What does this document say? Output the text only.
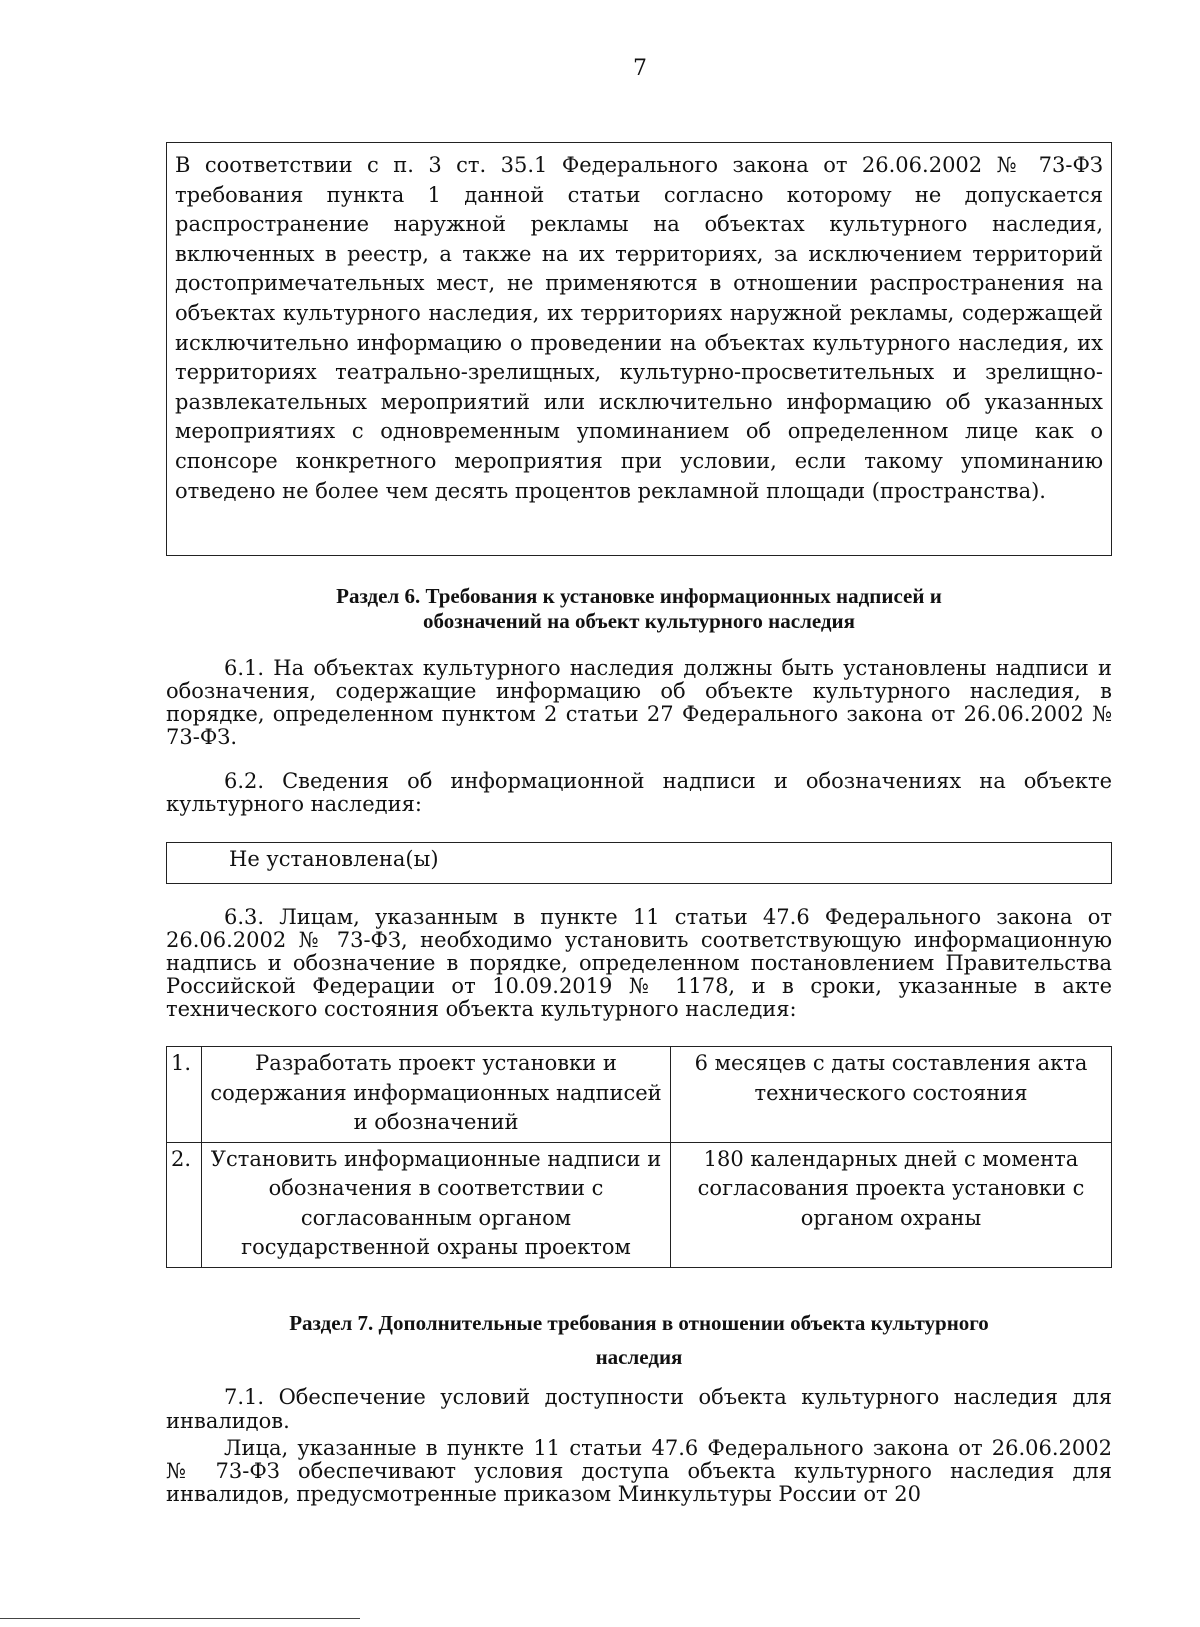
7

В соответствии с п. 3 ст. 35.1 Федерального закона от 26.06.2002 № 73-ФЗ требования пункта 1 данной статьи согласно которому не допускается распространение наружной рекламы на объектах культурного наследия, включенных в реестр, а также на их территориях, за исключением территорий достопримечательных мест, не применяются в отношении распространения на объектах культурного наследия, их территориях наружной рекламы, содержащей исключительно информацию о проведении на объектах культурного наследия, их территориях театрально-зрелищных, культурно-просветительных и зрелищно-развлекательных мероприятий или исключительно информацию об указанных мероприятиях с одновременным упоминанием об определенном лице как о спонсоре конкретного мероприятия при условии, если такому упоминанию отведено не более чем десять процентов рекламной площади (пространства).

Раздел 6. Требования к установке информационных надписей и
обозначений на объект культурного наследия

6.1. На объектах культурного наследия должны быть установлены надписи и обозначения, содержащие информацию об объекте культурного наследия, в порядке, определенном пунктом 2 статьи 27 Федерального закона от 26.06.2002 № 73-ФЗ.

6.2. Сведения об информационной надписи и обозначениях на объекте культурного наследия:

Не установлена(ы)

6.3. Лицам, указанным в пункте 11 статьи 47.6 Федерального закона от 26.06.2002 № 73-ФЗ, необходимо установить соответствующую информационную надпись и обозначение в порядке, определенном постановлением Правительства Российской Федерации от 10.09.2019 № 1178, и в сроки, указанные в акте технического состояния объекта культурного наследия:

1.	Разработать проект установки и содержания информационных надписей и обозначений	6 месяцев с даты составления акта технического состояния
2.	Установить информационные надписи и обозначения в соответствии с согласованным органом государственной охраны проектом	180 календарных дней с момента согласования проекта установки с органом охраны
Раздел 7. Дополнительные требования в отношении объекта культурного
наследия

7.1. Обеспечение условий доступности объекта культурного наследия для инвалидов.

Лица, указанные в пункте 11 статьи 47.6 Федерального закона от 26.06.2002 № 73-ФЗ обеспечивают условия доступа объекта культурного наследия для инвалидов, предусмотренные приказом Минкультуры России от 20
